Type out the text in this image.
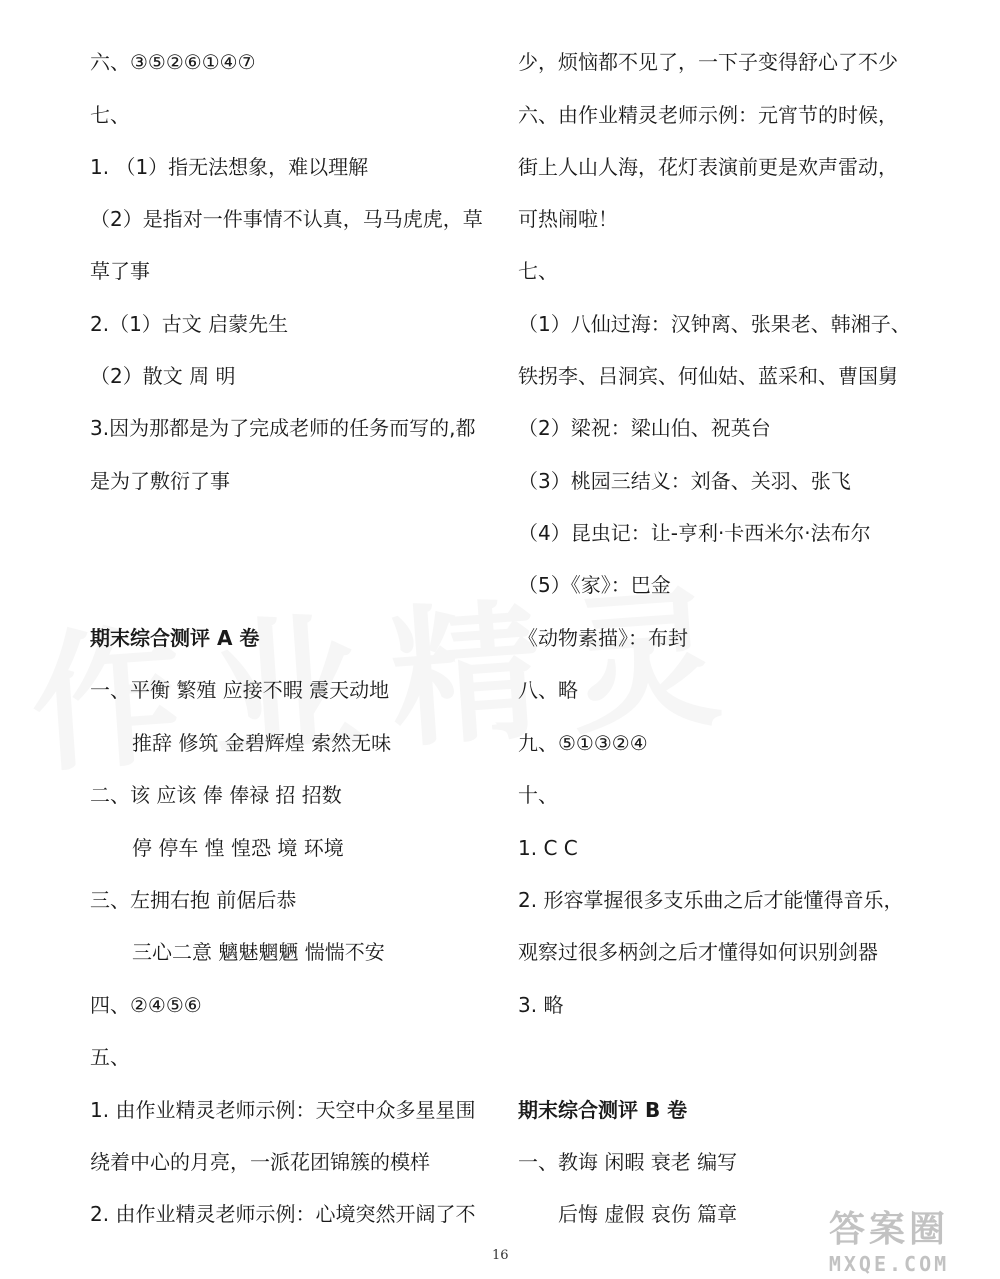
六、③⑤②⑥①④⑦
七、
1. （1）指无法想象，难以理解
（2）是指对一件事情不认真，马马虎虎，草
草了事
2.（1）古文 启蒙先生
（2）散文 周 明
3.因为那都是为了完成老师的任务而写的,都
是为了敷衍了事
期末综合测评 A 卷
一、平衡 繁殖 应接不暇 震天动地
推辞 修筑 金碧辉煌 索然无味
二、该 应该 俸 俸禄 招 招数
停 停车 惶 惶恐 境 环境
三、左拥右抱 前倨后恭
三心二意 魑魅魍魉 惴惴不安
四、②④⑤⑥
五、
1. 由作业精灵老师示例：天空中众多星星围
绕着中心的月亮，一派花团锦簇的模样
2. 由作业精灵老师示例：心境突然开阔了不
少，烦恼都不见了，一下子变得舒心了不少
六、由作业精灵老师示例：元宵节的时候，
街上人山人海，花灯表演前更是欢声雷动，
可热闹啦！
七、
（1）八仙过海：汉钟离、张果老、韩湘子、
铁拐李、吕洞宾、何仙姑、蓝采和、曹国舅
（2）梁祝：梁山伯、祝英台
（3）桃园三结义：刘备、关羽、张飞
（4）昆虫记：让-亨利·卡西米尔·法布尔
（5）《家》：巴金
《动物素描》：布封
八、略
九、⑤①③②④
十、
1. C C
2. 形容掌握很多支乐曲之后才能懂得音乐，
观察过很多柄剑之后才懂得如何识别剑器
3. 略
期末综合测评 B 卷
一、教诲 闲暇 衰老 编写
后悔 虚假 哀伤 篇章
16
答案圈
MXQE.COM
